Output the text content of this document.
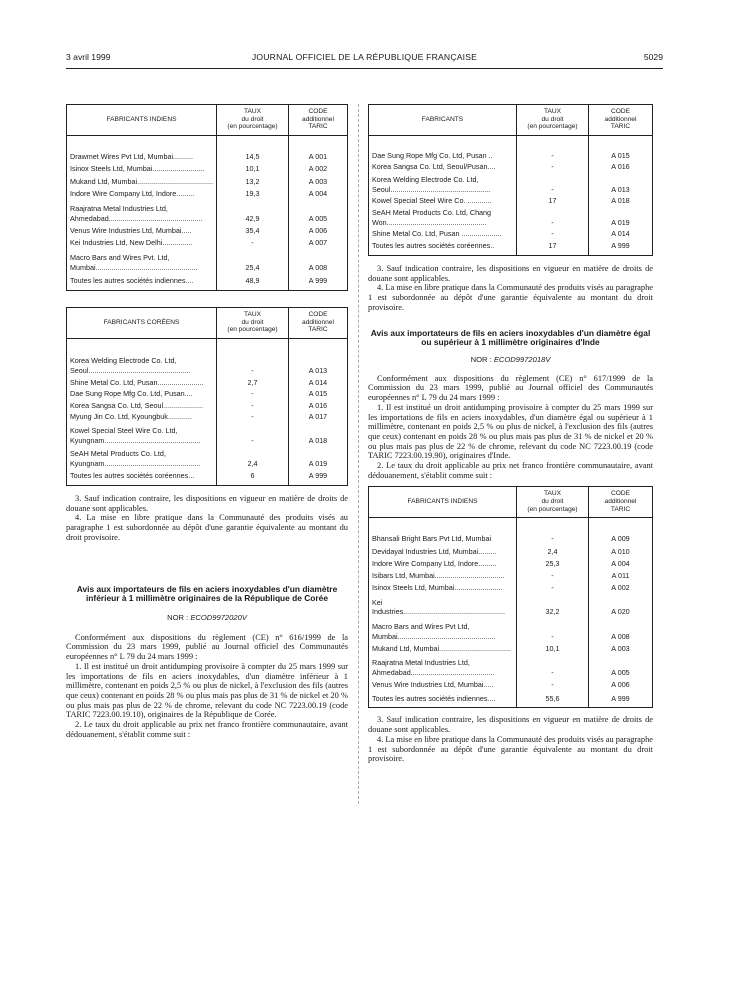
3 avril 1999	JOURNAL OFFICIEL DE LA RÉPUBLIQUE FRANÇAISE	5029
FABRICANTS INDIENS	TAUX
du droit
(en pourcentage)	CODE
additionnel
TARIC

Drawmet Wires Pvt Ltd, Mumbai..........	14,5	A 001
Isinox Steels Ltd, Mumbai..........................	10,1	A 002
Mukand Ltd, Mumbai......................................	13,2	A 003
Indore Wire Company Ltd, Indore.........	19,3	A 004
Raajratna Metal Industries Ltd, Ahmedabad...............................................	42,9	A 005
Venus Wire Industries Ltd, Mumbai.....	35,4	A 006
Kei Industries Ltd, New Delhi...............	-	A 007
Macro Bars and Wires Pvt. Ltd, Mumbai...................................................	25,4	A 008
Toutes les autres sociétés indiennes....	48,9	A 999
FABRICANTS CORÉENS	TAUX
du droit
(en pourcentage)	CODE
additionnel
TARIC

Korea Welding Electrode Co. Ltd, Seoul...................................................	-	A 013
Shine Metal Co. Ltd, Pusan.......................	2,7	A 014
Dae Sung Rope Mfg Co. Ltd, Pusan....	-	A 015
Korea Sangsa Co. Ltd, Seoul....................	-	A 016
Myung Jin Co. Ltd, Kyoungbuk............	-	A 017
Kowel Special Steel Wire Co. Ltd, Kyungnam................................................	-	A 018
SeAH Metal Products Co. Ltd, Kyungnam................................................	2,4	A 019
Toutes les autres sociétés coréennes...	6	A 999

3. Sauf indication contraire, les dispositions en vigueur en matière de droits de douane sont applicables.

4. La mise en libre pratique dans la Communauté des produits visés au paragraphe 1 est subordonnée au dépôt d'une garantie équivalente au montant du droit provisoire.

Avis aux importateurs de fils en aciers inoxydables d'un diamètre inférieur à 1 millimètre originaires de la République de Corée

NOR : ECOD9972020V

Conformément aux dispositions du règlement (CE) n° 616/1999 de la Commission du 23 mars 1999, publié au Journal officiel des Communautés européennes n° L 79 du 24 mars 1999 :

1. Il est institué un droit antidumping provisoire à compter du 25 mars 1999 sur les importations de fils en aciers inoxydables, d'un diamètre inférieur à 1 millimètre, contenant en poids 2,5 % ou plus de nickel, à l'exclusion des fils (autres que ceux) contenant en poids 28 % ou plus mais pas plus de 31 % de nickel et 20 % ou plus mais pas plus de 22 % de chrome, relevant du code NC 7223.00.19 (code TARIC 7223.00.19.10), originaires de la République de Corée.

2. Le taux du droit applicable au prix net franco frontière communautaire, avant dédouanement, s'établit comme suit :

FABRICANTS	TAUX
du droit
(en pourcentage)	CODE
additionnel
TARIC

Dae Sung Rope Mfg Co. Ltd, Pusan ..	-	A 015
Korea Sangsa Co. Ltd, Seoul/Pusan....	-	A 016
Korea Welding Electrode Co. Ltd, Seoul..................................................	-	A 013
Kowel Special Steel Wire Co. ............	17	A 018
SeAH Metal Products Co. Ltd, Chang Won..................................................	-	A 019
Shine Metal Co. Ltd, Pusan ....................	-	A 014
Toutes les autres sociétés coréennes..	17	A 999

3. Sauf indication contraire, les dispositions en vigueur en matière de droits de douane sont applicables.

4. La mise en libre pratique dans la Communauté des produits visés au paragraphe 1 est subordonnée au dépôt d'une garantie équivalente au montant du droit provisoire.

Avis aux importateurs de fils en aciers inoxydables d'un diamètre égal ou supérieur à 1 millimètre originaires d'Inde

NOR : ECOD9972018V

Conformément aux dispositions du règlement (CE) n° 617/1999 de la Commission du 23 mars 1999, publié au Journal officiel des Communautés européennes n° L 79 du 24 mars 1999 :

1. Il est institué un droit antidumping provisoire à compter du 25 mars 1999 sur les importations de fils en aciers inoxydables, d'un diamètre égal ou supérieur à 1 millimètre, contenant en poids 2,5 % ou plus de nickel, à l'exclusion des fils (autres que ceux) contenant en poids 28 % ou plus mais pas plus de 31 % de nickel et 20 % ou plus mais pas plus de 22 % de chrome, relevant du code NC 7223.00.19 (code TARIC 7223.00.19.90), originaires d'Inde.

2. Le taux du droit applicable au prix net franco frontière communautaire, avant dédouanement, s'établit comme suit :

FABRICANTS INDIENS	TAUX
du droit
(en pourcentage)	CODE
additionnel
TARIC

Bhansali Bright Bars Pvt Ltd, Mumbai	-	A 009
Devidayal Industries Ltd, Mumbai.........	2,4	A 010
Indore Wire Company Ltd, Indore.........	25,3	A 004
Isibars Ltd, Mumbai...................................	-	A 011
Isinox Steels Ltd, Mumbai........................	-	A 002
Kei Industries...................................................	32,2	A 020
Macro Bars and Wires Pvt Ltd, Mumbai.................................................	-	A 008
Mukand Ltd, Mumbai....................................	10,1	A 003
Raajratna Metal Industries Ltd, Ahmedabad..........................................	-	A 005
Venus Wire Industries Ltd, Mumbai.....	-	A 006
Toutes les autres sociétés indiennes....	55,6	A 999

3. Sauf indication contraire, les dispositions en vigueur en matière de droits de douane sont applicables.

4. La mise en libre pratique dans la Communauté des produits visés au paragraphe 1 est subordonnée au dépôt d'une garantie équivalente au montant du droit provisoire.
